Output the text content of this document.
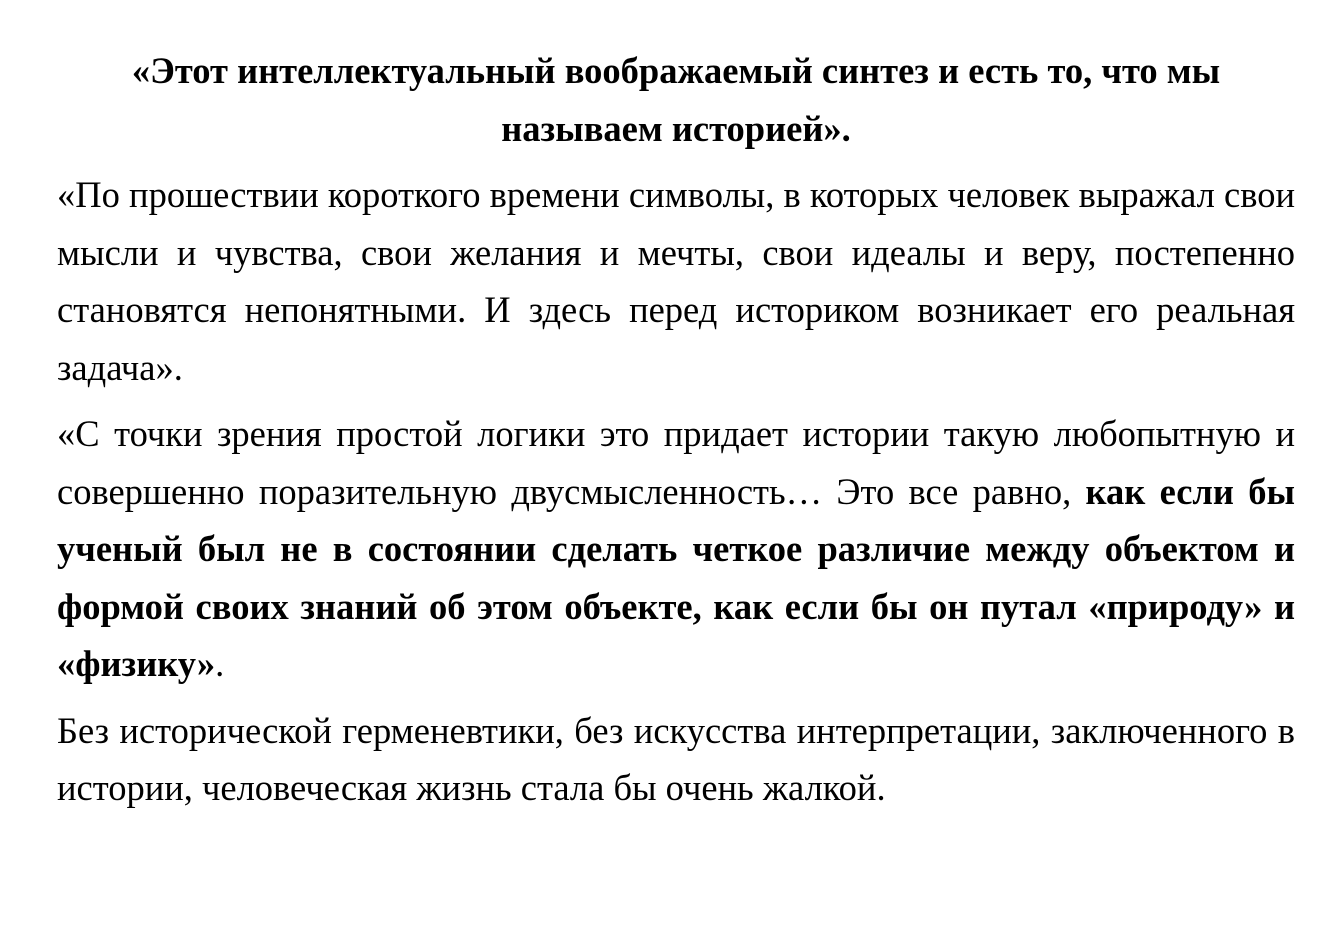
«Этот интеллектуальный воображаемый синтез и есть то, что мы называем историей».

«По прошествии короткого времени символы, в которых человек выражал свои мысли и чувства, свои желания и мечты, свои идеалы и веру, постепенно становятся непонятными. И здесь перед историком возникает его реальная задача».

«С точки зрения простой логики это придает истории такую любопытную и совершенно поразительную двусмысленность… Это все равно, как если бы ученый был не в состоянии сделать четкое различие между объектом и формой своих знаний об этом объекте, как если бы он путал «природу» и «физику».

Без исторической герменевтики, без искусства интерпретации, заключенного в истории, человеческая жизнь стала бы очень жалкой.
